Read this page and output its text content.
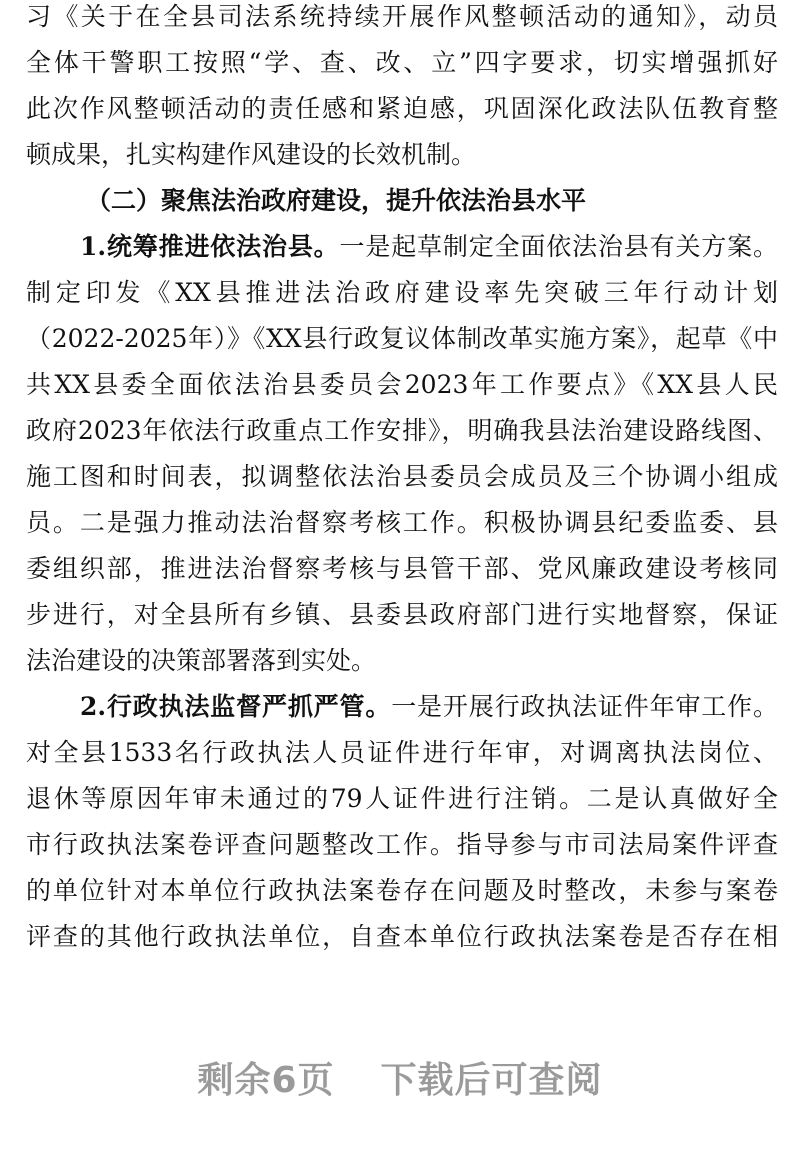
习《关于在全县司法系统持续开展作风整顿活动的通知》，动员
全体干警职工按照“学、查、改、立”四字要求，切实增强抓好
此次作风整顿活动的责任感和紧迫感，巩固深化政法队伍教育整
顿成果，扎实构建作风建设的长效机制。
（二）聚焦法治政府建设，提升依法治县水平
1.统筹推进依法治县。一是起草制定全面依法治县有关方案。
制定印发《XX县推进法治政府建设率先突破三年行动计划
（2022-2025年）》《XX县行政复议体制改革实施方案》，起草《中
共XX县委全面依法治县委员会2023年工作要点》《XX县人民
政府2023年依法行政重点工作安排》，明确我县法治建设路线图、
施工图和时间表，拟调整依法治县委员会成员及三个协调小组成
员。二是强力推动法治督察考核工作。积极协调县纪委监委、县
委组织部，推进法治督察考核与县管干部、党风廉政建设考核同
步进行，对全县所有乡镇、县委县政府部门进行实地督察，保证
法治建设的决策部署落到实处。
2.行政执法监督严抓严管。一是开展行政执法证件年审工作。
对全县1533名行政执法人员证件进行年审，对调离执法岗位、
退休等原因年审未通过的79人证件进行注销。二是认真做好全
市行政执法案卷评查问题整改工作。指导参与市司法局案件评查
的单位针对本单位行政执法案卷存在问题及时整改，未参与案卷
评查的其他行政执法单位，自查本单位行政执法案卷是否存在相
剩余6页 下载后可查阅
